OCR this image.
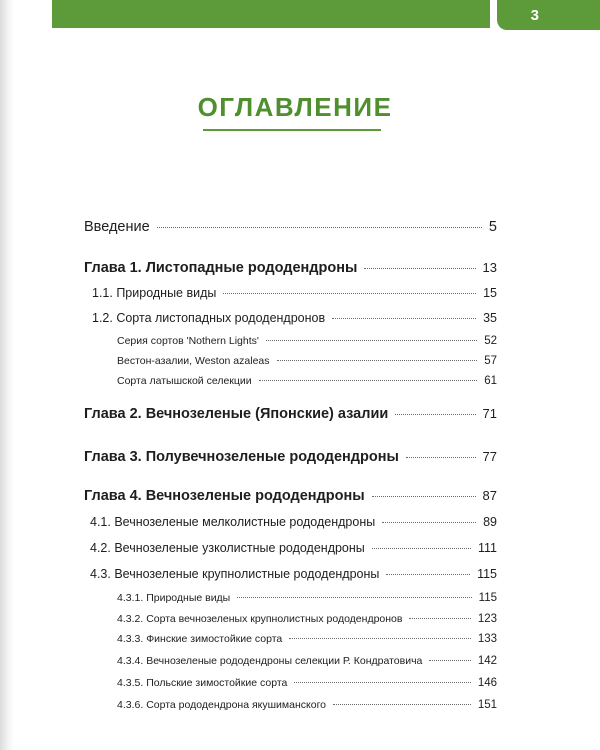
3
ОГЛАВЛЕНИЕ
Введение	5
Глава 1. Листопадные рододендроны	13
1.1. Природные виды	15
1.2. Сорта листопадных рододендронов	35
Серия сортов 'Nothern Lights'	52
Вестон-азалии, Weston azaleas	57
Сорта латышской селекции	61
Глава 2. Вечнозеленые (Японские) азалии	71
Глава 3. Полувечнозеленые рододендроны	77
Глава 4. Вечнозеленые рододендроны	87
4.1. Вечнозеленые мелколистные рододендроны	89
4.2. Вечнозеленые узколистные рододендроны	111
4.3. Вечнозеленые крупнолистные рододендроны	115
4.3.1. Природные виды	115
4.3.2. Сорта вечнозеленых крупнолистных рододендронов	123
4.3.3. Финские зимостойкие сорта	133
4.3.4. Вечнозеленые рододендроны селекции Р. Кондратовича	142
4.3.5. Польские зимостойкие сорта	146
4.3.6. Сорта рододендрона якушиманского	151
